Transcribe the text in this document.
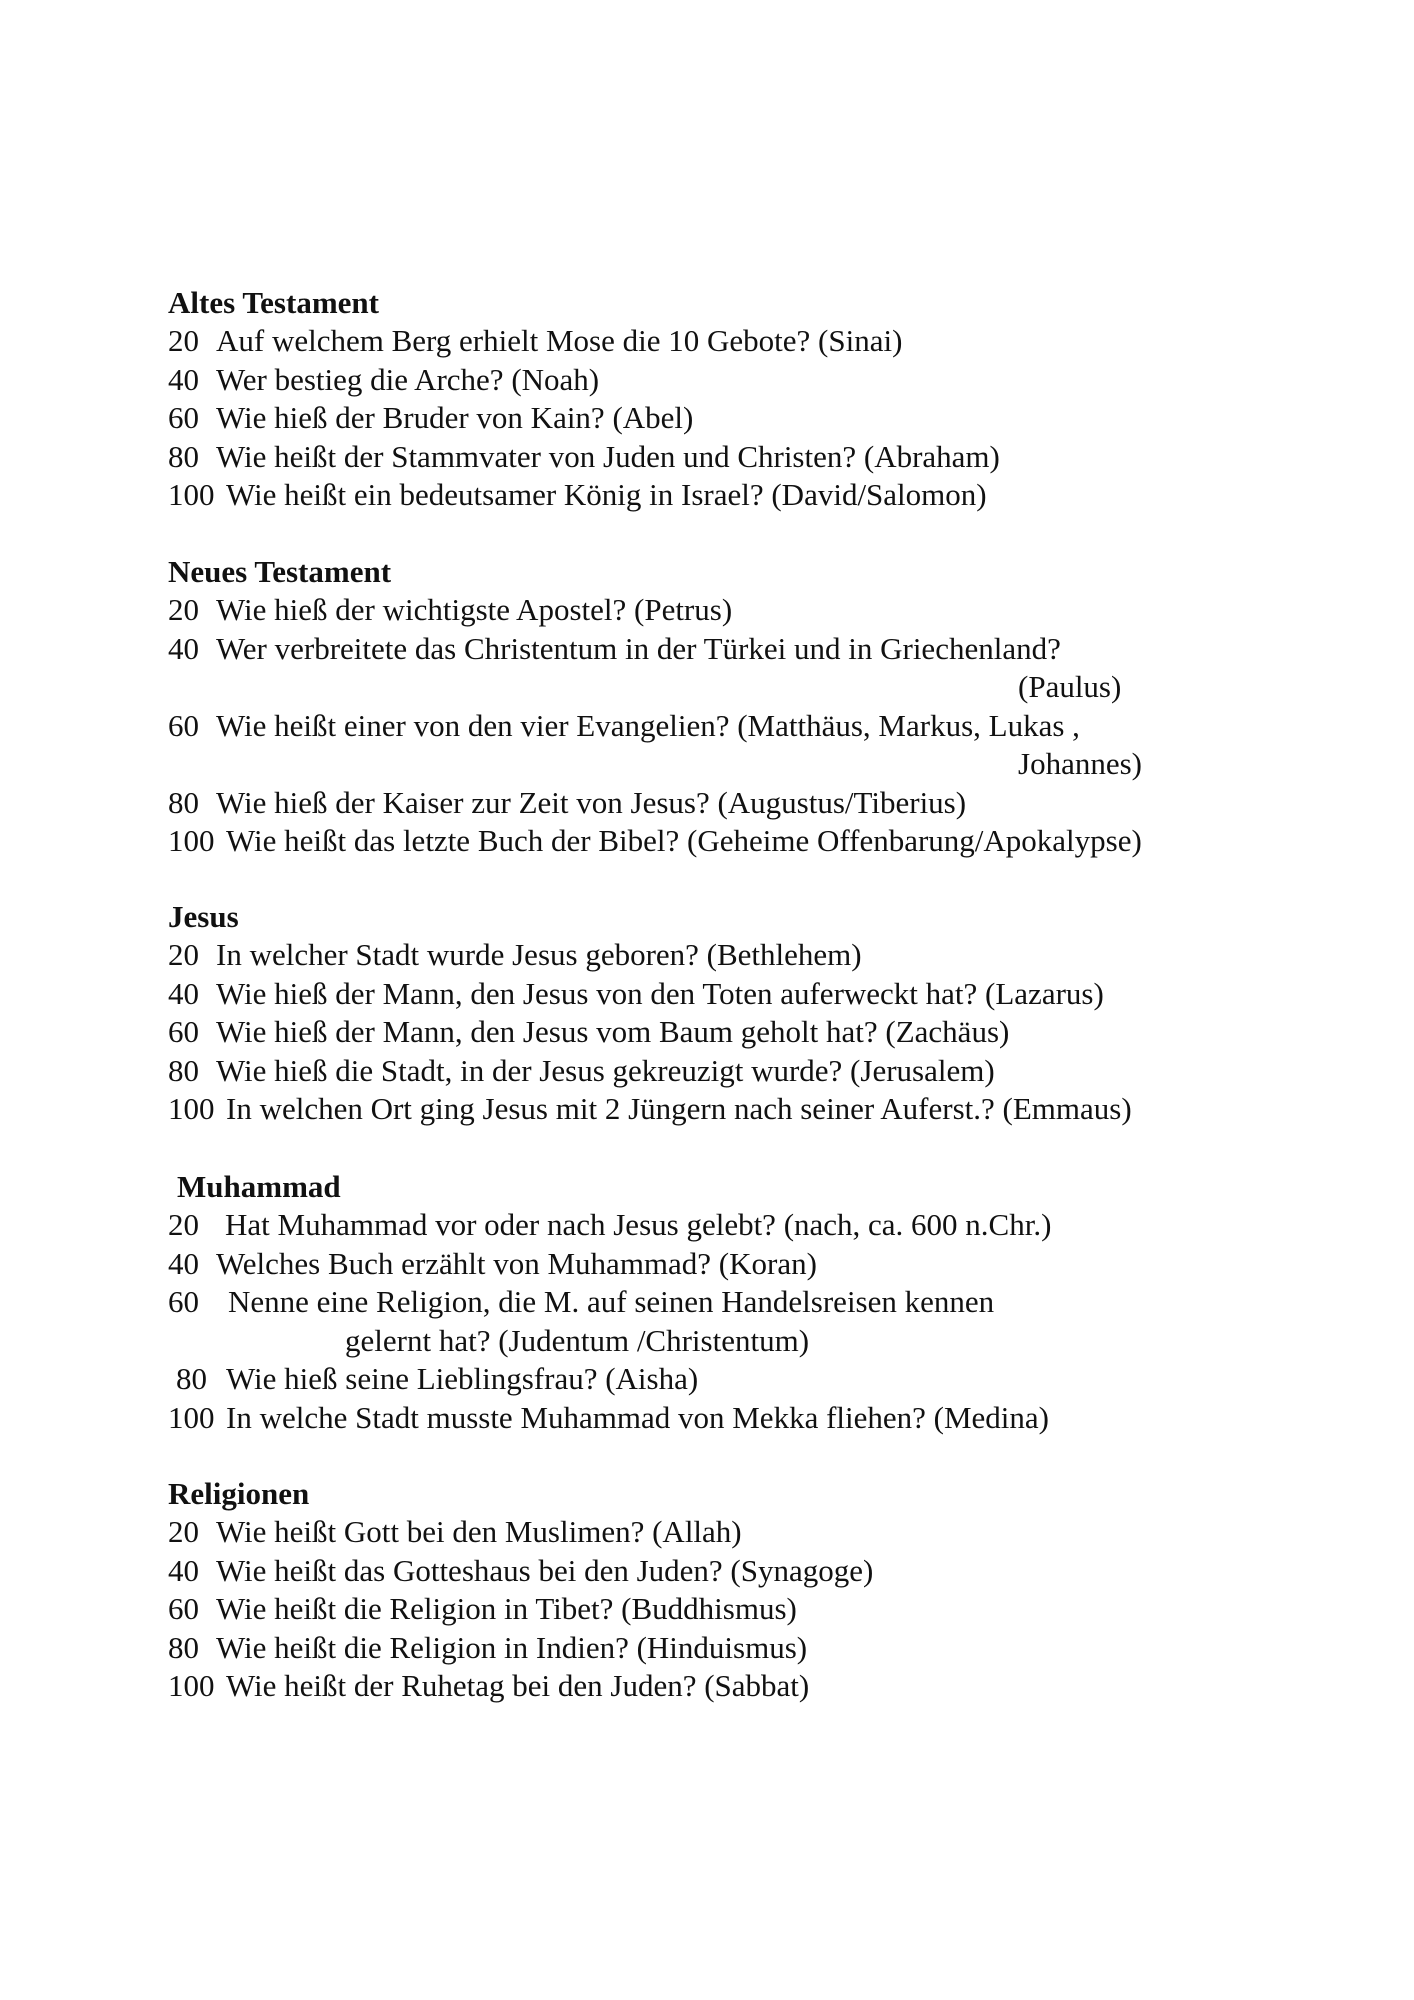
Altes Testament
20 Auf welchem Berg erhielt Mose die 10 Gebote? (Sinai)
40 Wer bestieg die Arche? (Noah)
60 Wie hieß der Bruder von Kain? (Abel)
80 Wie heißt der Stammvater von Juden und Christen? (Abraham)
100 Wie heißt ein bedeutsamer König in Israel? (David/Salomon)
Neues Testament
20 Wie hieß der wichtigste Apostel? (Petrus)
40 Wer verbreitete das Christentum in der Türkei und in Griechenland?
(Paulus)
60 Wie heißt einer von den vier Evangelien? (Matthäus, Markus, Lukas ,
Johannes)
80 Wie hieß der Kaiser zur Zeit von Jesus? (Augustus/Tiberius)
100 Wie heißt das letzte Buch der Bibel? (Geheime Offenbarung/Apokalypse)
Jesus
20 In welcher Stadt wurde Jesus geboren? (Bethlehem)
40 Wie hieß der Mann, den Jesus von den Toten auferweckt hat? (Lazarus)
60 Wie hieß der Mann, den Jesus vom Baum geholt hat? (Zachäus)
80 Wie hieß die Stadt, in der Jesus gekreuzigt wurde? (Jerusalem)
100 In welchen Ort ging Jesus mit 2 Jüngern nach seiner Auferst.? (Emmaus)
Muhammad
20 Hat Muhammad vor oder nach Jesus gelebt? (nach, ca. 600 n.Chr.)
40 Welches Buch erzählt von Muhammad? (Koran)
60 Nenne eine Religion, die M. auf seinen Handelsreisen kennen
gelernt hat? (Judentum /Christentum)
80 Wie hieß seine Lieblingsfrau? (Aisha)
100 In welche Stadt musste Muhammad von Mekka fliehen? (Medina)
Religionen
20 Wie heißt Gott bei den Muslimen? (Allah)
40 Wie heißt das Gotteshaus bei den Juden? (Synagoge)
60 Wie heißt die Religion in Tibet? (Buddhismus)
80 Wie heißt die Religion in Indien? (Hinduismus)
100 Wie heißt der Ruhetag bei den Juden? (Sabbat)
